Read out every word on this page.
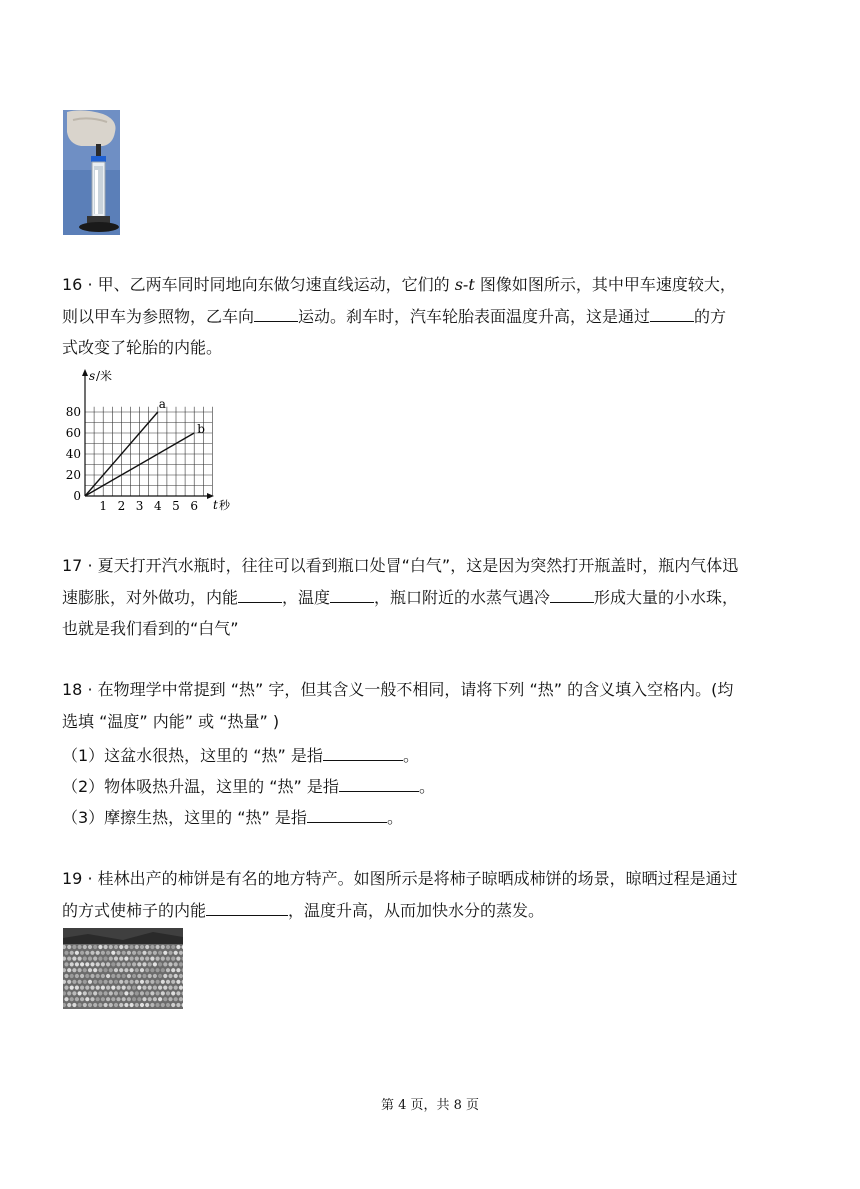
16 · 甲、乙两车同时同地向东做匀速直线运动，它们的 s-t 图像如图所示，其中甲车速度较大，
则以甲车为参照物，乙车向	运动。刹车时，汽车轮胎表面温度升高，这是通过	的方
式改变了轮胎的内能。
80
60
40
20
0
1 2 3 4 5 6
a
b
s /米
t 秒
17 · 夏天打开汽水瓶时，往往可以看到瓶口处冒“白气”，这是因为突然打开瓶盖时，瓶内气体迅
速膨胀，对外做功，内能	，温度	，瓶口附近的水蒸气遇冷	形成大量的小水珠，
也就是我们看到的“白气”
18 · 在物理学中常提到 “热” 字，但其含义一般不相同，请将下列 “热” 的含义填入空格内。(均
选填 “温度” 内能” 或 “热量” )
（1）这盆水很热，这里的 “热” 是指	。
（2）物体吸热升温，这里的 “热” 是指	。
（3）摩擦生热，这里的 “热” 是指	。
19 · 桂林出产的柿饼是有名的地方特产。如图所示是将柿子晾晒成柿饼的场景，晾晒过程是通过
的方式使柿子的内能	，温度升高，从而加快水分的蒸发。
第 4 页，共 8 页
